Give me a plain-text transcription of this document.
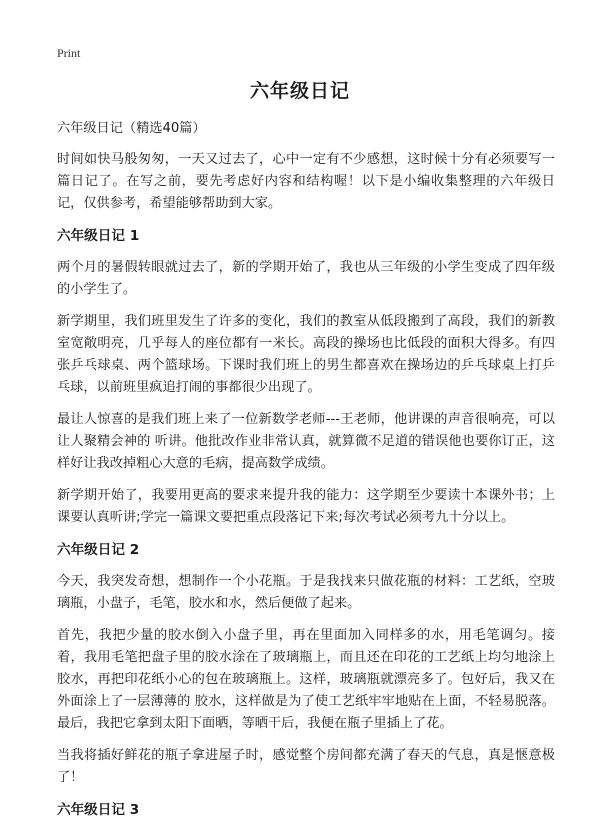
Print
六年级日记

六年级日记（精选40篇）

时间如快马般匆匆，一天又过去了，心中一定有不少感想，这时候十分有必须要写一篇日记了。在写之前，要先考虑好内容和结构喔！以下是小编收集整理的六年级日记，仅供参考，希望能够帮助到大家。

六年级日记 1

两个月的暑假转眼就过去了，新的学期开始了，我也从三年级的小学生变成了四年级的小学生了。

新学期里，我们班里发生了许多的变化，我们的教室从低段搬到了高段，我们的新教室宽敞明亮，几乎每人的座位都有一米长。高段的操场也比低段的面积大得多。有四张乒乓球桌、两个篮球场。下课时我们班上的男生都喜欢在操场边的乒乓球桌上打乒乓球，以前班里疯追打闹的事都很少出现了。

最让人惊喜的是我们班上来了一位新数学老师---王老师，他讲课的声音很响亮，可以让人聚精会神的 听讲。他批改作业非常认真，就算微不足道的错误他也要你订正，这样好让我改掉粗心大意的毛病，提高数学成绩。

新学期开始了，我要用更高的要求来提升我的能力：这学期至少要读十本课外书；上课要认真听讲;学完一篇课文要把重点段落记下来;每次考试必须考九十分以上。

六年级日记 2

今天，我突发奇想，想制作一个小花瓶。于是我找来只做花瓶的材料：工艺纸，空玻璃瓶，小盘子，毛笔，胶水和水，然后便做了起来。

首先，我把少量的胶水倒入小盘子里，再在里面加入同样多的水，用毛笔调匀。接着，我用毛笔把盘子里的胶水涂在了玻璃瓶上，而且还在印花的工艺纸上均匀地涂上胶水，再把印花纸小心的包在玻璃瓶上。这样，玻璃瓶就漂亮多了。包好后，我又在外面涂上了一层薄薄的 胶水，这样做是为了使工艺纸牢牢地贴在上面，不轻易脱落。最后，我把它拿到太阳下面晒，等晒干后，我便在瓶子里插上了花。

当我将插好鲜花的瓶子拿进屋子时，感觉整个房间都充满了春天的气息，真是惬意极了！

六年级日记 3
